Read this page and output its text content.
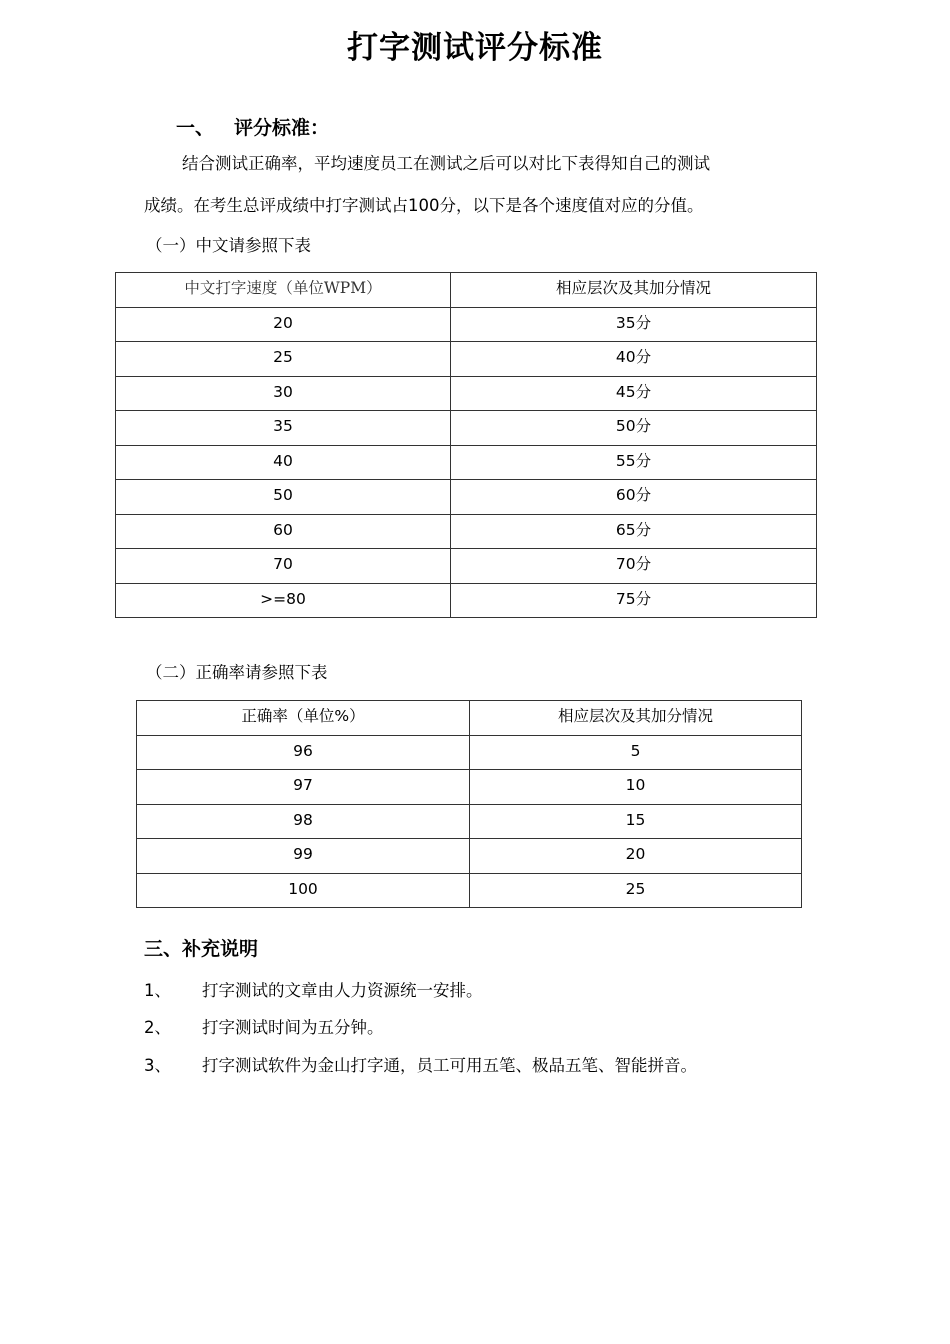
打字测试评分标准
一、 评分标准：
结合测试正确率，平均速度员工在测试之后可以对比下表得知自己的测试
成绩。在考生总评成绩中打字测试占100分，以下是各个速度值对应的分值。
（一）中文请参照下表
中文打字速度（单位WPM）	相应层次及其加分情况
20	35分
25	40分
30	45分
35	50分
40	55分
50	60分
60	65分
70	70分
>=80	75分
（二）正确率请参照下表
正确率（单位%）	相应层次及其加分情况
96	5
97	10
98	15
99	20
100	25
三、补充说明
1、 打字测试的文章由人力资源统一安排。
2、 打字测试时间为五分钟。
3、 打字测试软件为金山打字通，员工可用五笔、极品五笔、智能拼音。
